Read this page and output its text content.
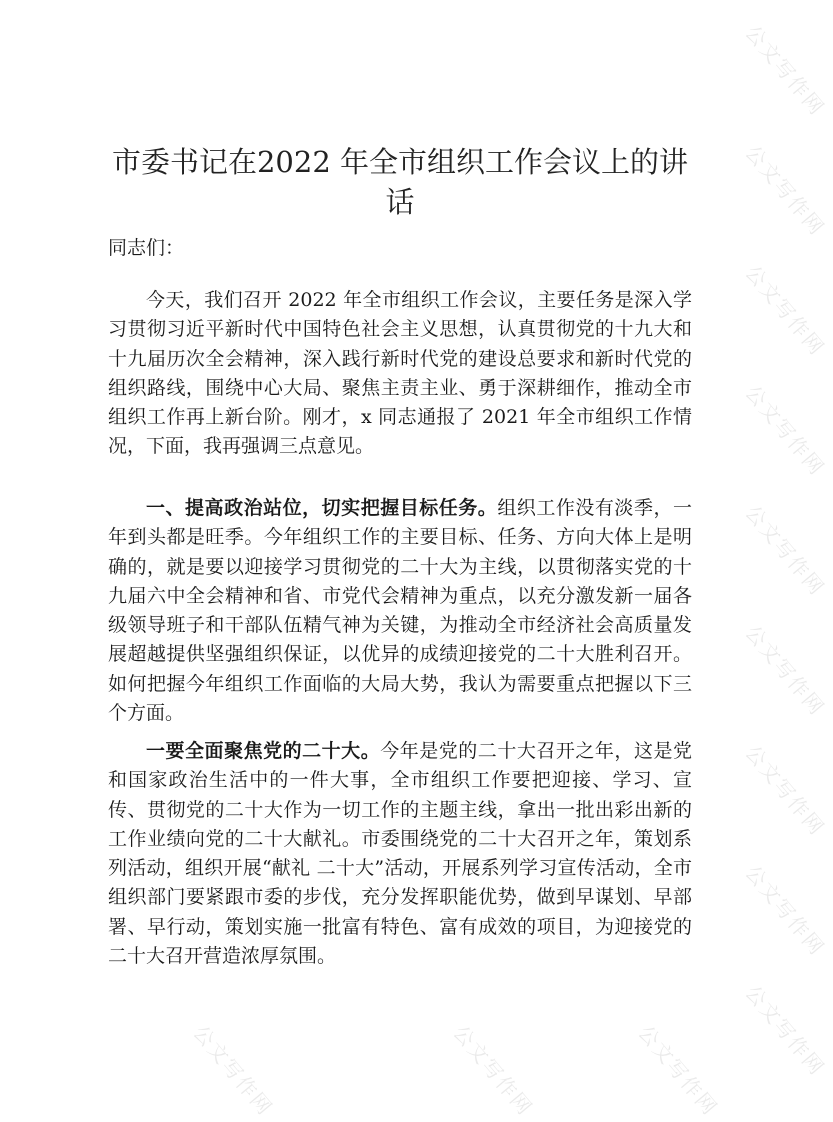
公文写作网
公文写作网
公文写作网
公文写作网
公文写作网
公文写作网
公文写作网
公文写作网
公文写作网
公文写作网	公文写作网	公文写作网
市委书记在2022 年全市组织工作会议上的讲话

同志们：

今天，我们召开 2022 年全市组织工作会议，主要任务是深入学习贯彻习近平新时代中国特色社会主义思想，认真贯彻党的十九大和十九届历次全会精神，深入践行新时代党的建设总要求和新时代党的组织路线，围绕中心大局、聚焦主责主业、勇于深耕细作，推动全市组织工作再上新台阶。刚才，x 同志通报了 2021 年全市组织工作情况，下面，我再强调三点意见。

一、提高政治站位，切实把握目标任务。组织工作没有淡季，一年到头都是旺季。今年组织工作的主要目标、任务、方向大体上是明确的，就是要以迎接学习贯彻党的二十大为主线，以贯彻落实党的十九届六中全会精神和省、市党代会精神为重点，以充分激发新一届各级领导班子和干部队伍精气神为关键，为推动全市经济社会高质量发展超越提供坚强组织保证，以优异的成绩迎接党的二十大胜利召开。如何把握今年组织工作面临的大局大势，我认为需要重点把握以下三个方面。

一要全面聚焦党的二十大。今年是党的二十大召开之年，这是党和国家政治生活中的一件大事，全市组织工作要把迎接、学习、宣传、贯彻党的二十大作为一切工作的主题主线，拿出一批出彩出新的工作业绩向党的二十大献礼。市委围绕党的二十大召开之年，策划系列活动，组织开展“献礼 二十大”活动，开展系列学习宣传活动，全市组织部门要紧跟市委的步伐，充分发挥职能优势，做到早谋划、早部署、早行动，策划实施一批富有特色、富有成效的项目，为迎接党的二十大召开营造浓厚氛围。
